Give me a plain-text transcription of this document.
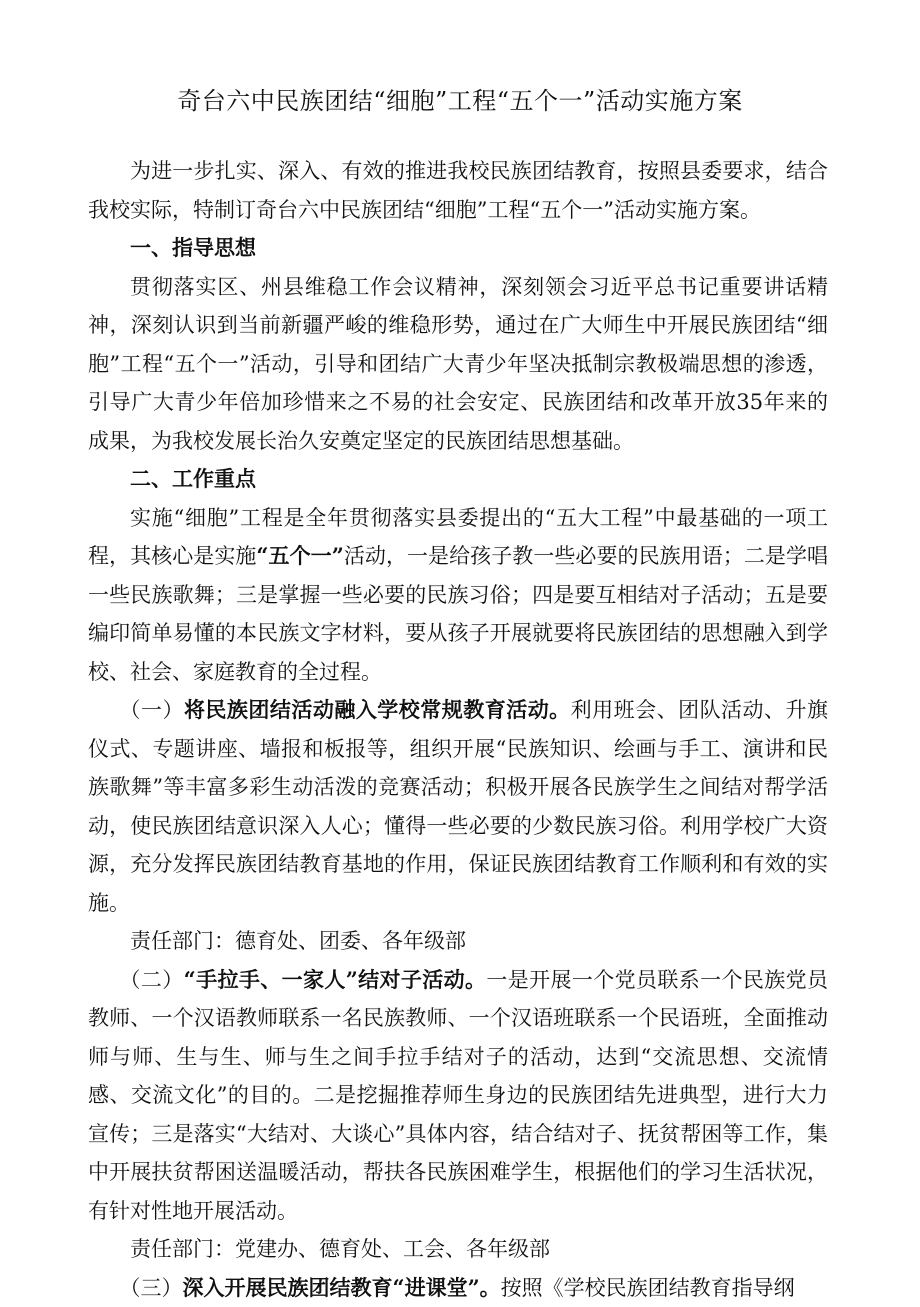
奇台六中民族团结“细胞”工程“五个一”活动实施方案

为进一步扎实、深入、有效的推进我校民族团结教育，按照县委要求，结合我校实际，特制订奇台六中民族团结“细胞”工程“五个一”活动实施方案。

一、指导思想

贯彻落实区、州县维稳工作会议精神，深刻领会习近平总书记重要讲话精神，深刻认识到当前新疆严峻的维稳形势，通过在广大师生中开展民族团结“细胞”工程“五个一”活动，引导和团结广大青少年坚决抵制宗教极端思想的渗透，引导广大青少年倍加珍惜来之不易的社会安定、民族团结和改革开放35年来的成果，为我校发展长治久安奠定坚定的民族团结思想基础。

二、工作重点

实施“细胞”工程是全年贯彻落实县委提出的“五大工程”中最基础的一项工程，其核心是实施“五个一”活动，一是给孩子教一些必要的民族用语；二是学唱一些民族歌舞；三是掌握一些必要的民族习俗；四是要互相结对子活动；五是要编印简单易懂的本民族文字材料，要从孩子开展就要将民族团结的思想融入到学校、社会、家庭教育的全过程。

（一）将民族团结活动融入学校常规教育活动。利用班会、团队活动、升旗仪式、专题讲座、墙报和板报等，组织开展“民族知识、绘画与手工、演讲和民族歌舞”等丰富多彩生动活泼的竞赛活动；积极开展各民族学生之间结对帮学活动，使民族团结意识深入人心；懂得一些必要的少数民族习俗。利用学校广大资源，充分发挥民族团结教育基地的作用，保证民族团结教育工作顺利和有效的实施。

责任部门：德育处、团委、各年级部

（二）“手拉手、一家人”结对子活动。一是开展一个党员联系一个民族党员教师、一个汉语教师联系一名民族教师、一个汉语班联系一个民语班，全面推动师与师、生与生、师与生之间手拉手结对子的活动，达到“交流思想、交流情感、交流文化”的目的。二是挖掘推荐师生身边的民族团结先进典型，进行大力宣传；三是落实“大结对、大谈心”具体内容，结合结对子、抚贫帮困等工作，集中开展扶贫帮困送温暖活动，帮扶各民族困难学生，根据他们的学习生活状况，有针对性地开展活动。

责任部门：党建办、德育处、工会、各年级部

（三）深入开展民族团结教育“进课堂”。按照《学校民族团结教育指导纲
